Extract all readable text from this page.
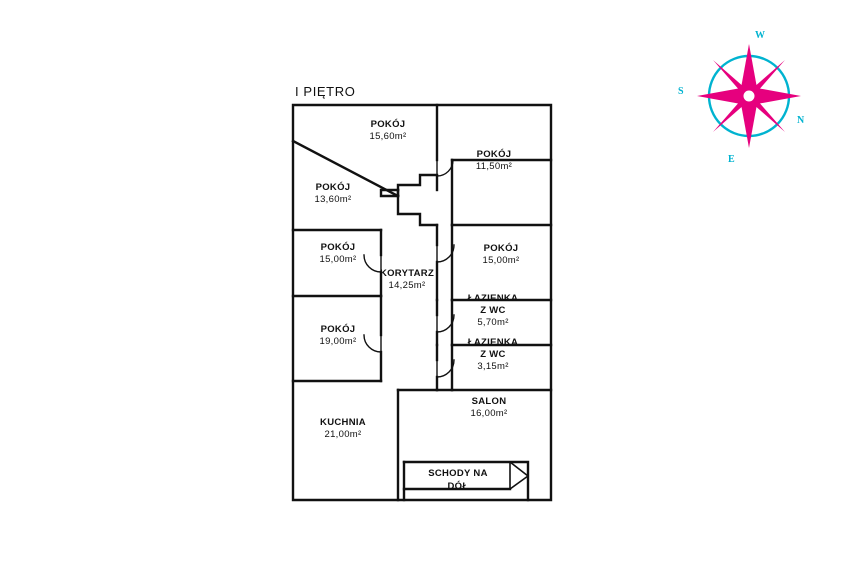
I PIĘTRO
POKÓJ
15,60m²
POKÓJ
11,50m²
POKÓJ
13,60m²
POKÓJ
15,00m²
POKÓJ
15,00m²
KORYTARZ
14,25m²
POKÓJ
19,00m²
KUCHNIA
21,00m²
SALON
16,00m²
ŁAZIENKA
Z WC
5,70m²
ŁAZIENKA
Z WC
3,15m²
W
N
S
E
SCHODY NA
DÓŁ
